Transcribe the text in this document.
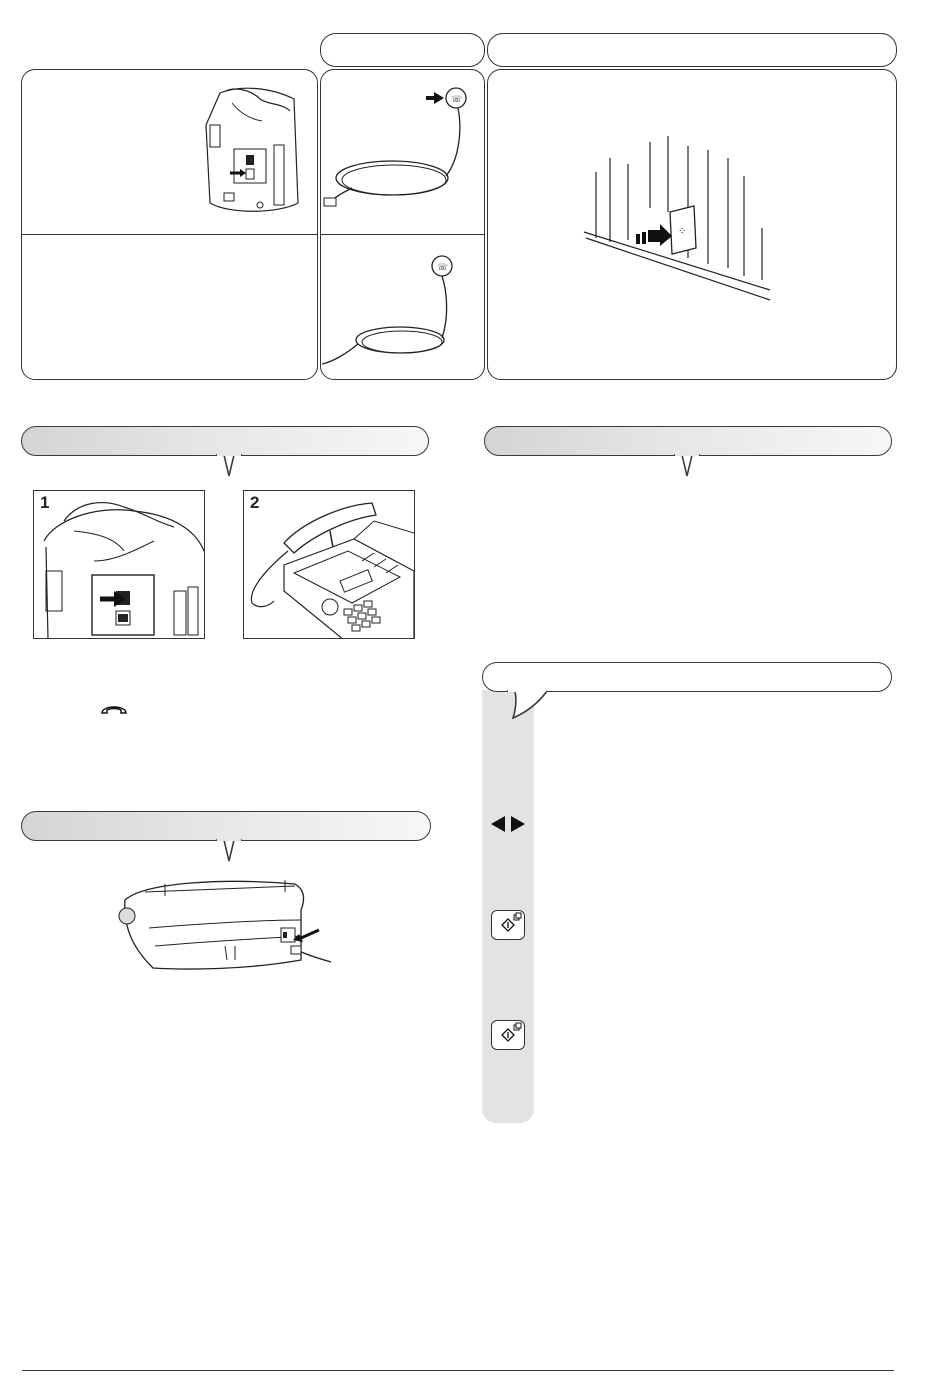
☏
☏
⁘
1	2
